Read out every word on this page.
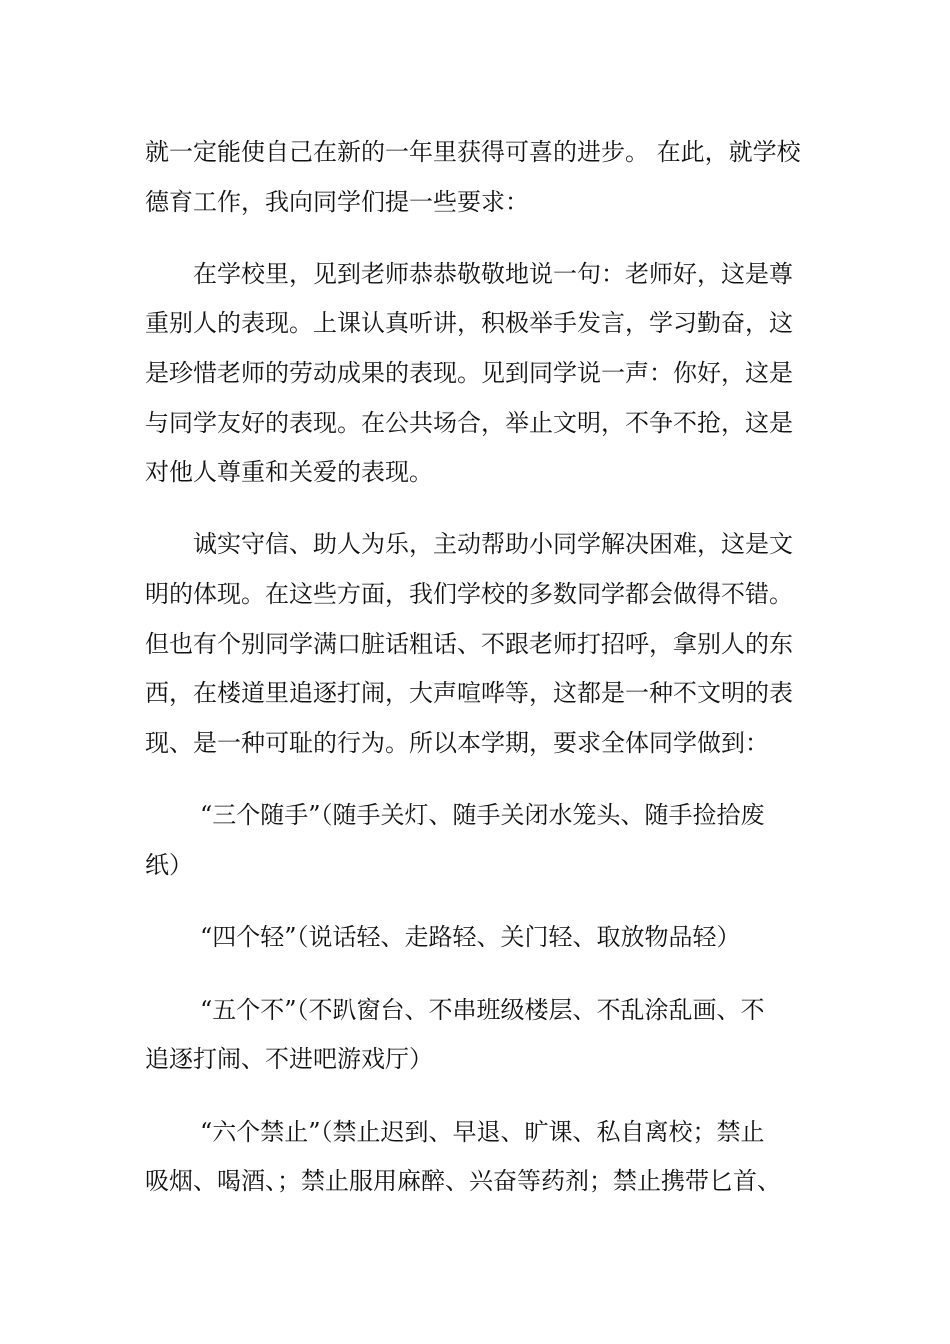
就一定能使自己在新的一年里获得可喜的进步。 在此，就学校

德育工作，我向同学们提一些要求：

在学校里，见到老师恭恭敬敬地说一句：老师好，这是尊

重别人的表现。上课认真听讲，积极举手发言，学习勤奋，这

是珍惜老师的劳动成果的表现。见到同学说一声：你好，这是

与同学友好的表现。在公共场合，举止文明，不争不抢，这是

对他人尊重和关爱的表现。

诚实守信、助人为乐，主动帮助小同学解决困难，这是文

明的体现。在这些方面，我们学校的多数同学都会做得不错。

但也有个别同学满口脏话粗话、不跟老师打招呼，拿别人的东

西，在楼道里追逐打闹，大声喧哗等，这都是一种不文明的表

现、是一种可耻的行为。所以本学期，要求全体同学做到：

“三个随手”（随手关灯、随手关闭水笼头、随手捡拾废

纸）

“四个轻”（说话轻、走路轻、关门轻、取放物品轻）

“五个不”（不趴窗台、不串班级楼层、不乱涂乱画、不

追逐打闹、不进吧游戏厅）

“六个禁止”（禁止迟到、早退、旷课、私自离校；禁止

吸烟、喝酒、；禁止服用麻醉、兴奋等药剂；禁止携带匕首、
